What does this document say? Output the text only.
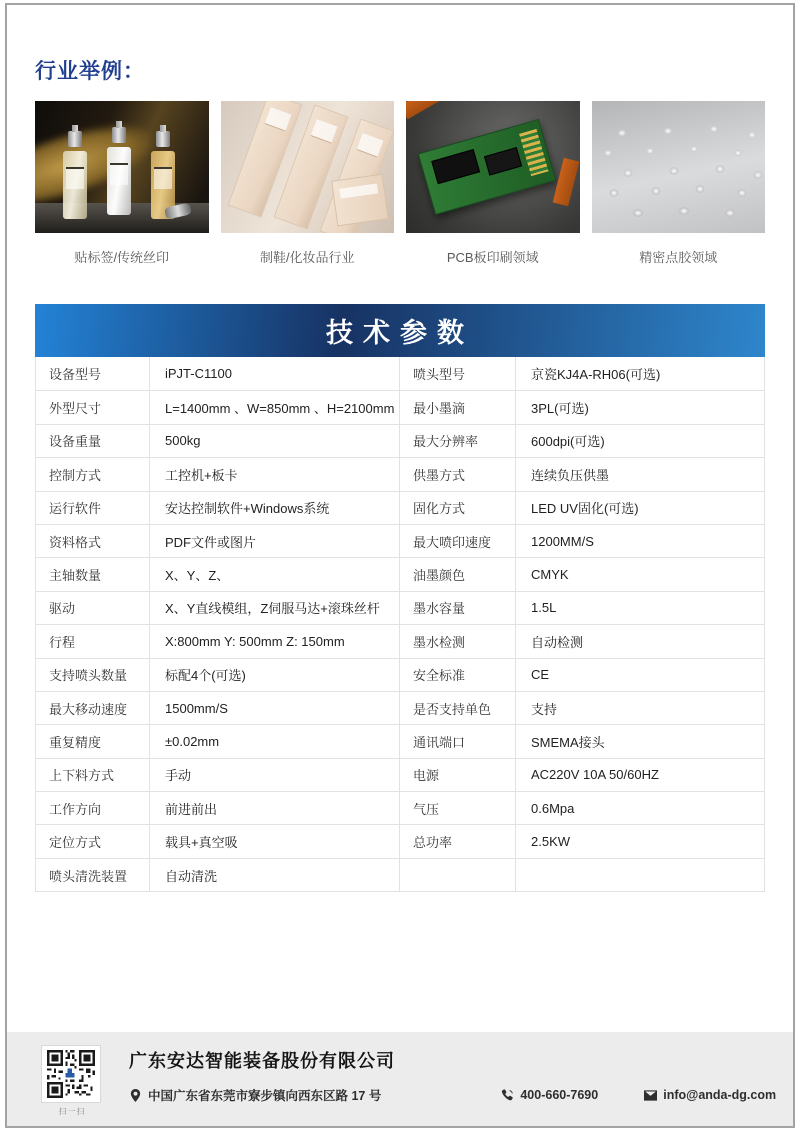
行业举例：
贴标签/传统丝印	制鞋/化妆品行业	PCB板印刷领域	精密点胶领域
技术参数
设备型号	iPJT-C1100	喷头型号	京瓷KJ4A-RH06(可选)
外型尺寸	L=1400mm 、W=850mm 、H=2100mm	最小墨滴	3PL(可选)
设备重量	500kg	最大分辨率	600dpi(可选)
控制方式	工控机+板卡	供墨方式	连续负压供墨
运行软件	安达控制软件+Windows系统	固化方式	LED UV固化(可选)
资料格式	PDF文件或图片	最大喷印速度	1200MM/S
主轴数量	X、Y、Z、	油墨颜色	CMYK
驱动	X、Y直线模组，Z伺服马达+滚珠丝杆	墨水容量	1.5L
行程	X:800mm Y: 500mm Z: 150mm	墨水检测	自动检测
支持喷头数量	标配4个(可选)	安全标准	CE
最大移动速度	1500mm/S	是否支持单色	支持
重复精度	±0.02mm	通讯端口	SMEMA接头
上下料方式	手动	电源	AC220V 10A 50/60HZ
工作方向	前进前出	气压	0.6Mpa
定位方式	载具+真空吸	总功率	2.5KW
喷头清洗装置	自动清洗
扫一扫
广东安达智能装备股份有限公司
中国广东省东莞市寮步镇向西东区路 17 号	400-660-7690	info@anda-dg.com
